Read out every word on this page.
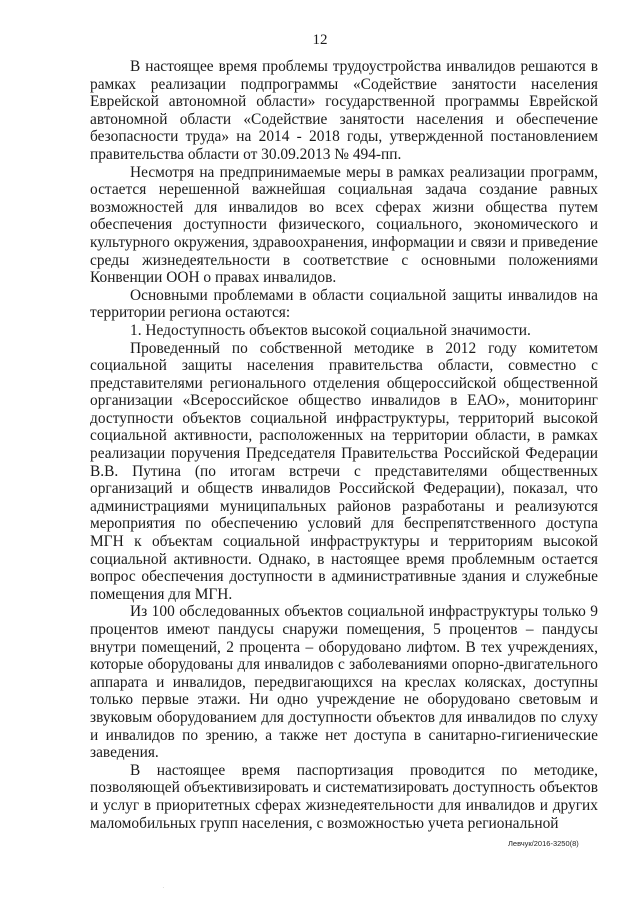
12

В настоящее время проблемы трудоустройства инвалидов решаются в рамках реализации подпрограммы «Содействие занятости населения Еврейской автономной области» государственной программы Еврейской автономной области «Содействие занятости населения и обеспечение безопасности труда» на 2014 - 2018 годы, утвержденной постановлением правительства области от 30.09.2013 № 494-пп.

Несмотря на предпринимаемые меры в рамках реализации программ, остается нерешенной важнейшая социальная задача создание равных возможностей для инвалидов во всех сферах жизни общества путем обеспечения доступности физического, социального, экономического и культурного окружения, здравоохранения, информации и связи и приведение среды жизнедеятельности в соответствие с основными положениями Конвенции ООН о правах инвалидов.

Основными проблемами в области социальной защиты инвалидов на территории региона остаются:

1. Недоступность объектов высокой социальной значимости.

Проведенный по собственной методике в 2012 году комитетом социальной защиты населения правительства области, совместно с представителями регионального отделения общероссийской общественной организации «Всероссийское общество инвалидов в ЕАО», мониторинг доступности объектов социальной инфраструктуры, территорий высокой социальной активности, расположенных на территории области, в рамках реализации поручения Председателя Правительства Российской Федерации В.В. Путина (по итогам встречи с представителями общественных организаций и обществ инвалидов Российской Федерации), показал, что администрациями муниципальных районов разработаны и реализуются мероприятия по обеспечению условий для беспрепятственного доступа МГН к объектам социальной инфраструктуры и территориям высокой социальной активности. Однако, в настоящее время проблемным остается вопрос обеспечения доступности в административные здания и служебные помещения для МГН.

Из 100 обследованных объектов социальной инфраструктуры только 9 процентов имеют пандусы снаружи помещения, 5 процентов – пандусы внутри помещений, 2 процента – оборудовано лифтом. В тех учреждениях, которые оборудованы для инвалидов с заболеваниями опорно-двигательного аппарата и инвалидов, передвигающихся на креслах колясках, доступны только первые этажи. Ни одно учреждение не оборудовано световым и звуковым оборудованием для доступности объектов для инвалидов по слуху и инвалидов по зрению, а также нет доступа в санитарно-гигиенические заведения.

В настоящее время паспортизация проводится по методике, позволяющей объективизировать и систематизировать доступность объектов и услуг в приоритетных сферах жизнедеятельности для инвалидов и других маломобильных групп населения, с возможностью учета региональной

Левчук/2016-3250(8)
·
